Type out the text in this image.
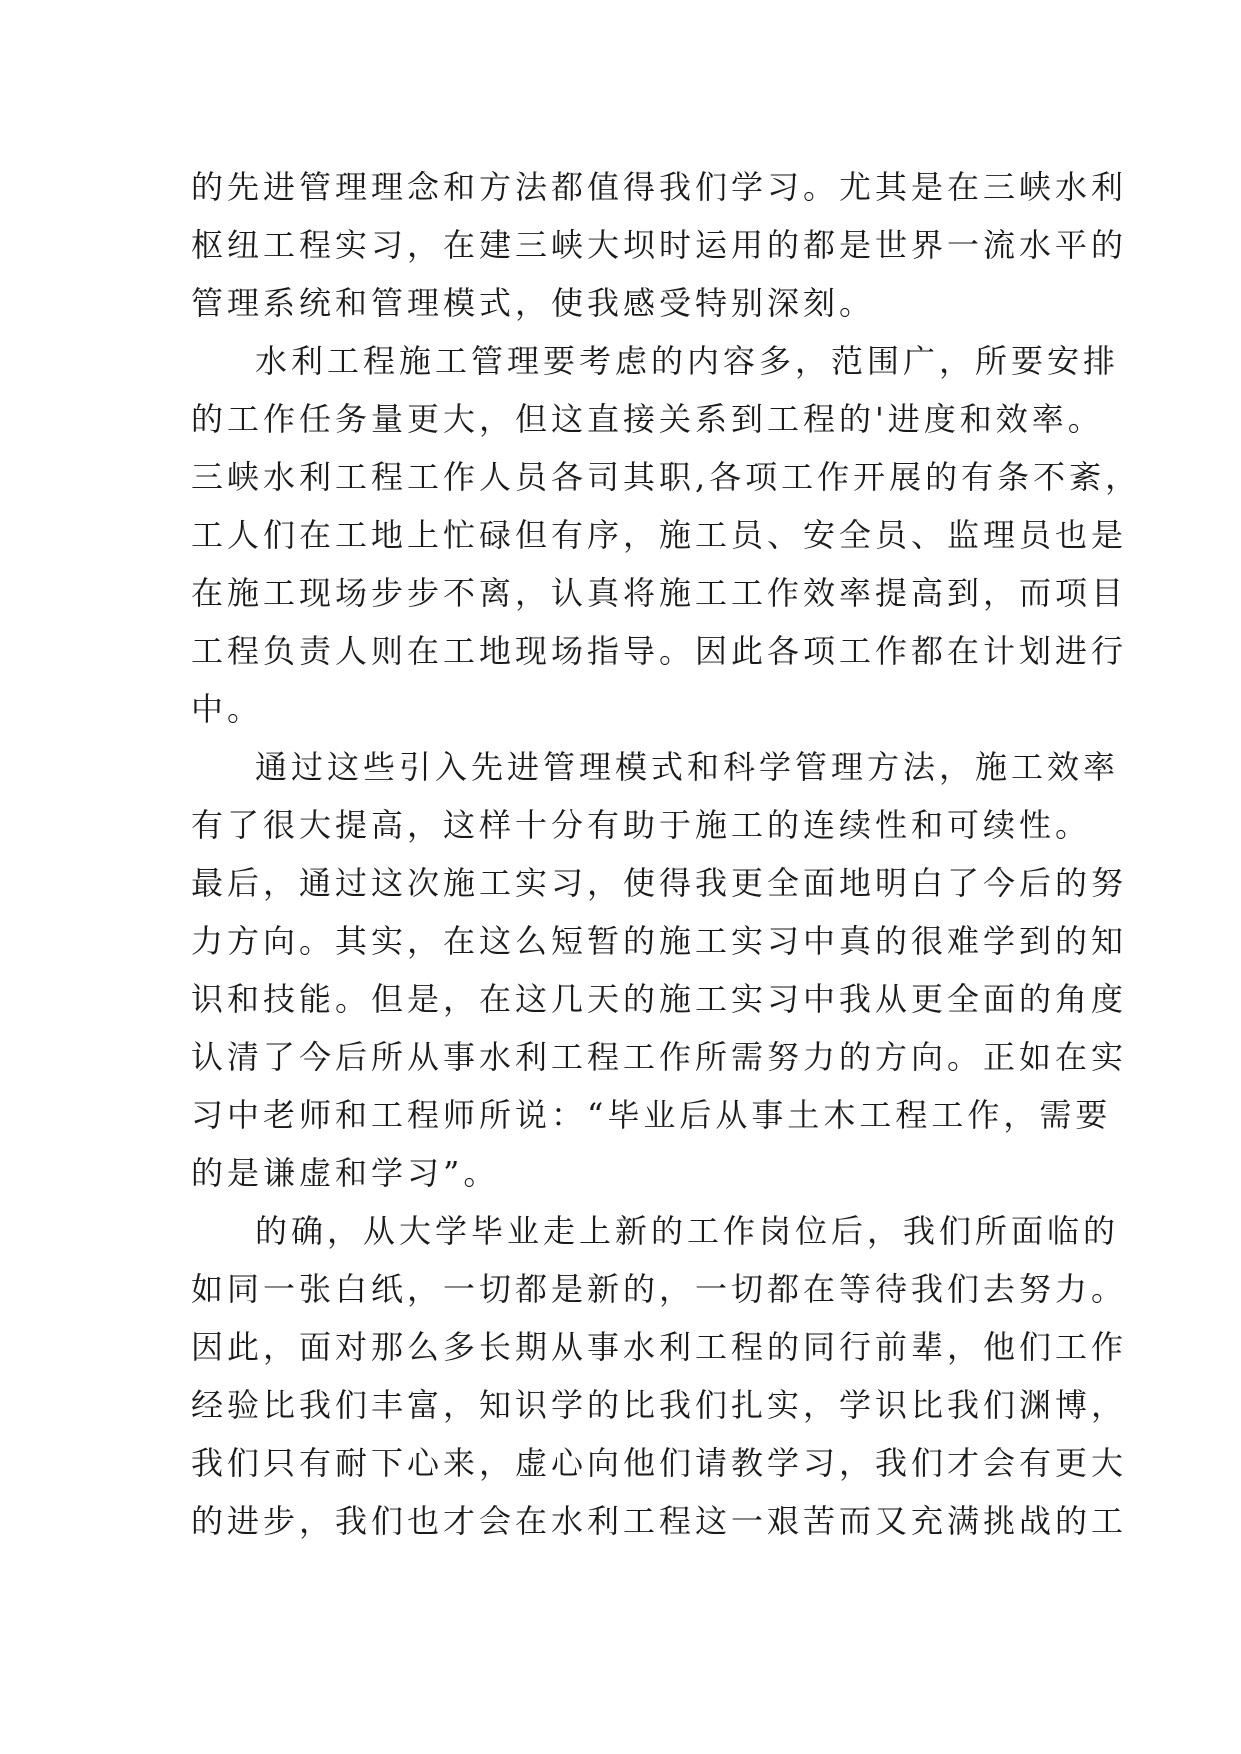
的先进管理理念和方法都值得我们学习。尤其是在三峡水利
枢纽工程实习，在建三峡大坝时运用的都是世界一流水平的
管理系统和管理模式，使我感受特别深刻。
水利工程施工管理要考虑的内容多，范围广，所要安排
的工作任务量更大，但这直接关系到工程的'进度和效率。
三峡水利工程工作人员各司其职,各项工作开展的有条不紊，
工人们在工地上忙碌但有序，施工员、安全员、监理员也是
在施工现场步步不离，认真将施工工作效率提高到，而项目
工程负责人则在工地现场指导。因此各项工作都在计划进行
中。
通过这些引入先进管理模式和科学管理方法，施工效率
有了很大提高，这样十分有助于施工的连续性和可续性。
最后，通过这次施工实习，使得我更全面地明白了今后的努
力方向。其实，在这么短暂的施工实习中真的很难学到的知
识和技能。但是，在这几天的施工实习中我从更全面的角度
认清了今后所从事水利工程工作所需努力的方向。正如在实
习中老师和工程师所说：“毕业后从事土木工程工作，需要
的是谦虚和学习”。
的确，从大学毕业走上新的工作岗位后，我们所面临的
如同一张白纸，一切都是新的，一切都在等待我们去努力。
因此，面对那么多长期从事水利工程的同行前辈，他们工作
经验比我们丰富，知识学的比我们扎实，学识比我们渊博，
我们只有耐下心来，虚心向他们请教学习，我们才会有更大
的进步，我们也才会在水利工程这一艰苦而又充满挑战的工
